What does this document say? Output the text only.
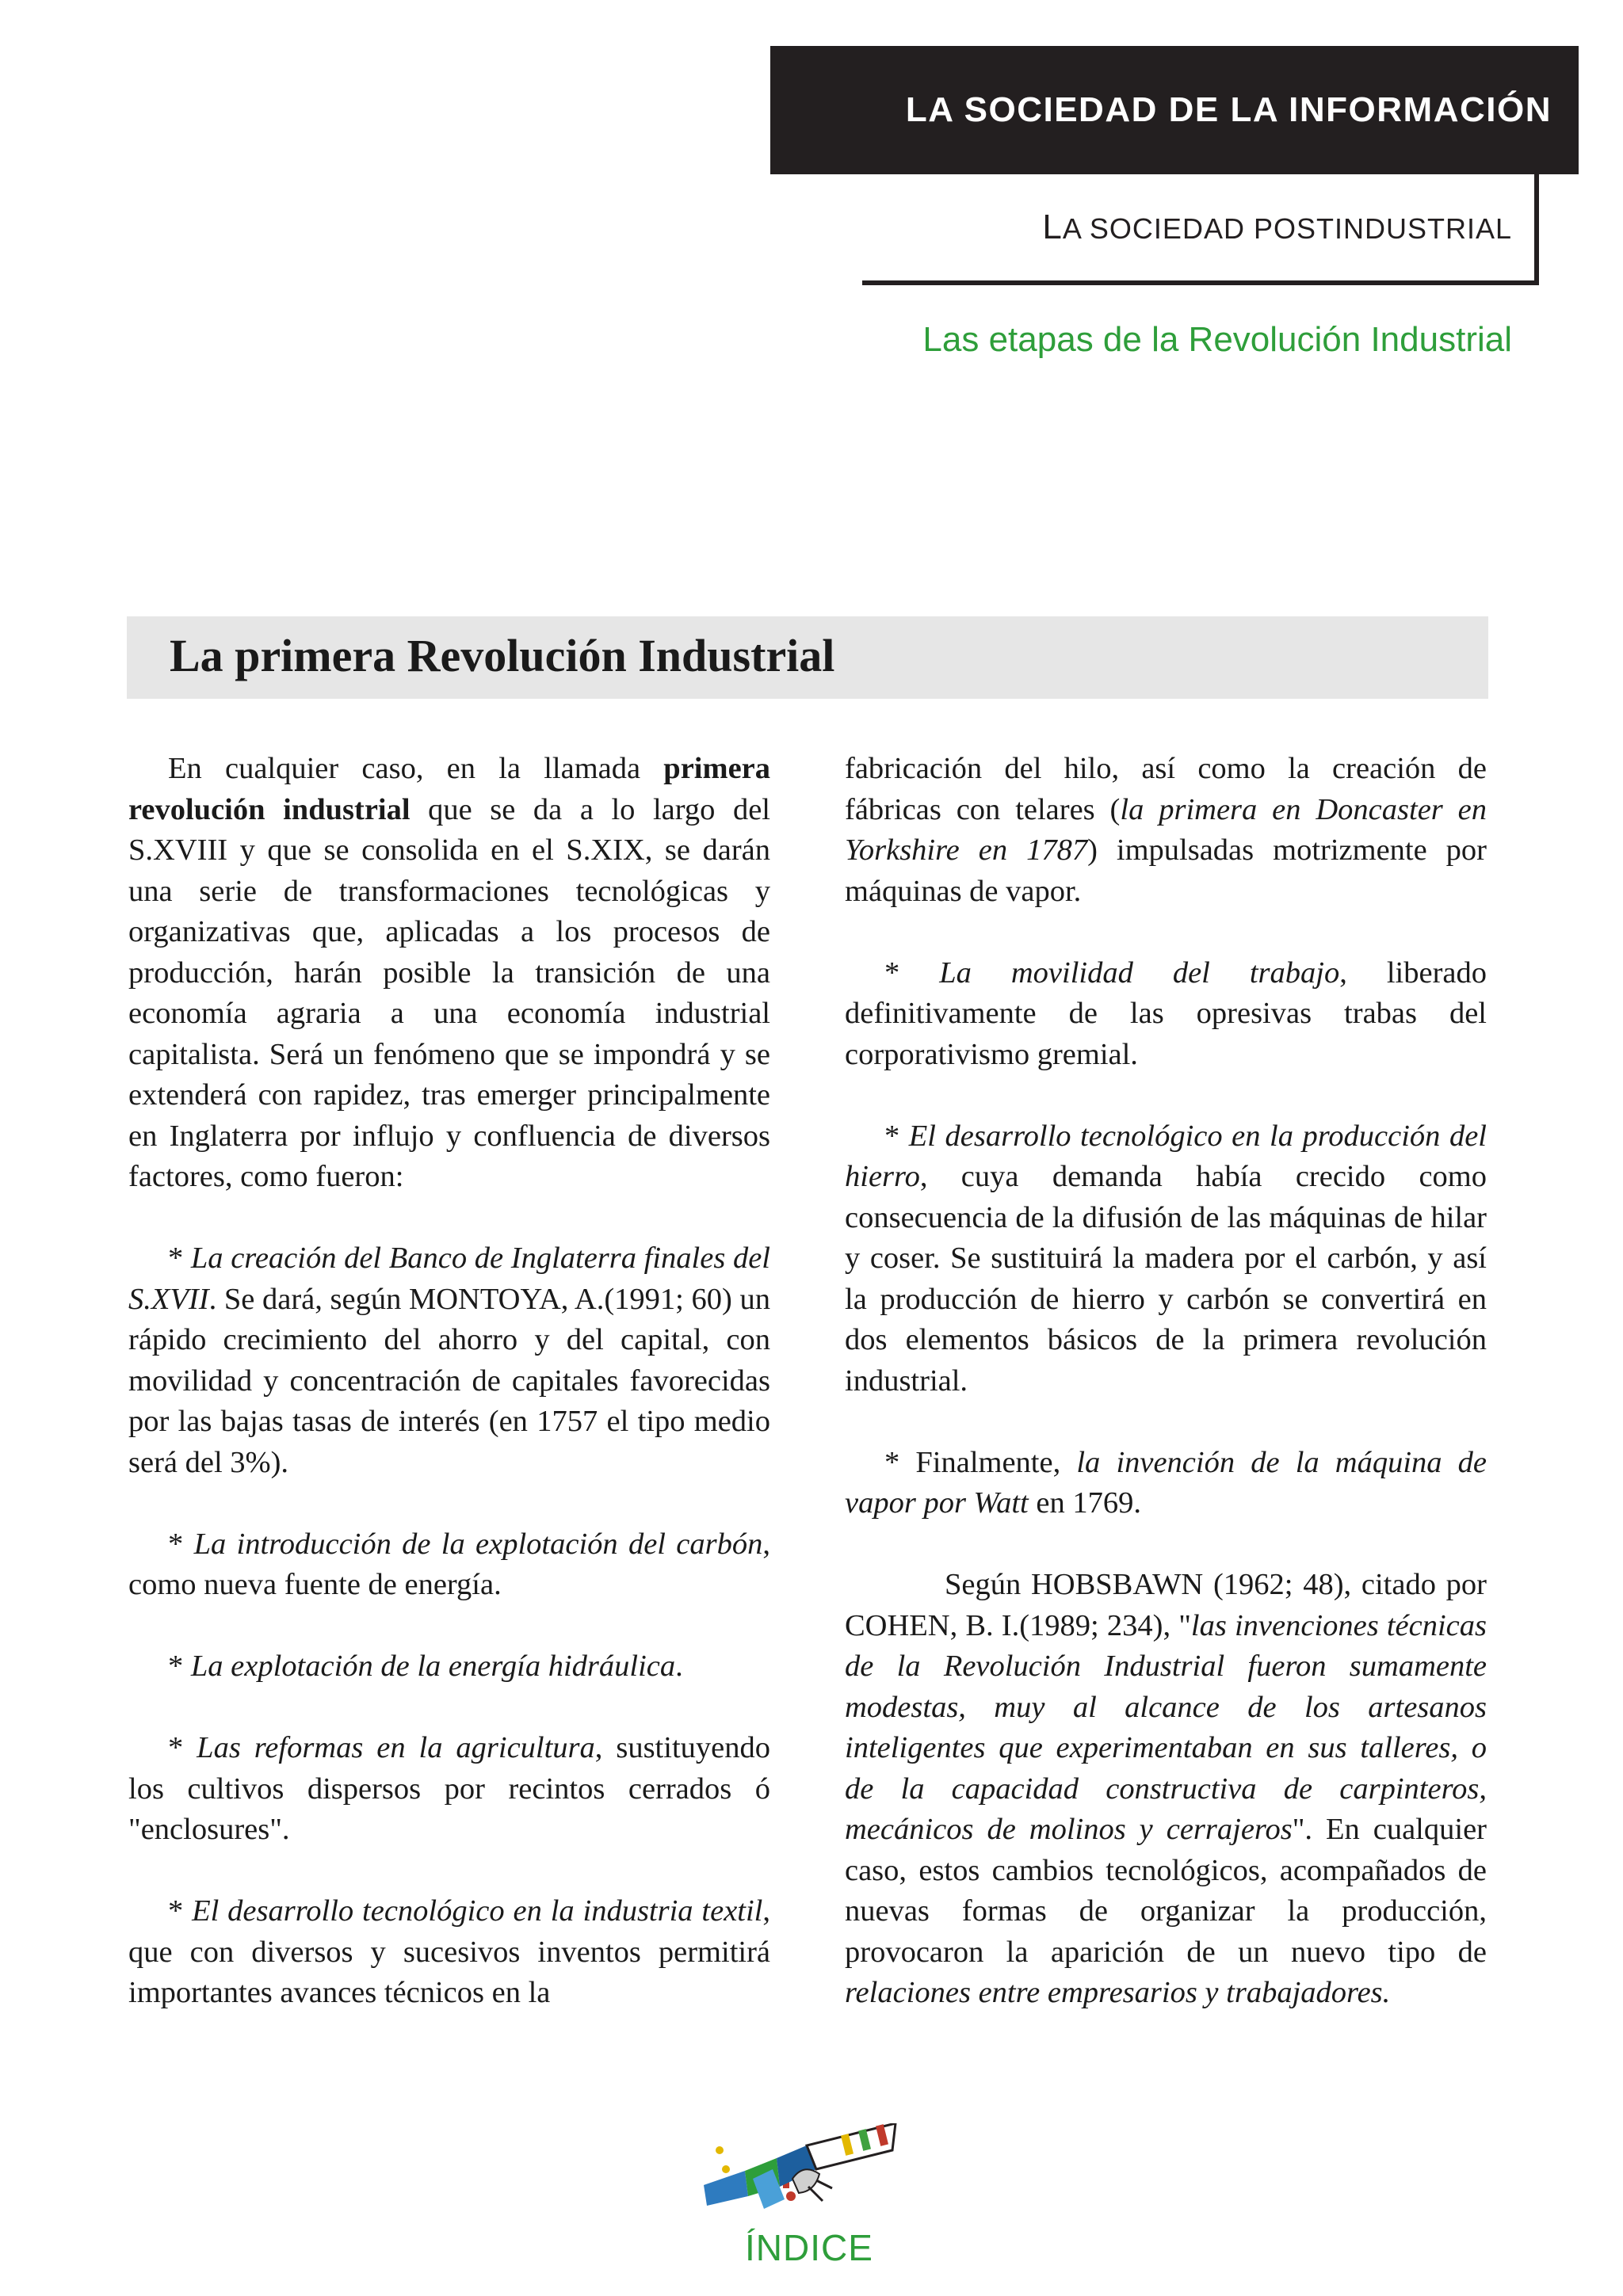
LA SOCIEDAD DE LA INFORMACIÓN
LA SOCIEDAD POSTINDUSTRIAL
Las etapas de la Revolución Industrial
La primera Revolución Industrial

En cualquier caso, en la llamada primera revolución industrial que se da a lo largo del S.XVIII y que se consolida en el S.XIX, se darán una serie de transformaciones tecnológicas y organizativas que, aplicadas a los procesos de producción, harán posible la transición de una economía agraria a una economía industrial capitalista. Será un fenómeno que se impondrá y se extenderá con rapidez, tras emerger principalmente en Inglaterra por influjo y confluencia de diversos factores, como fueron:

* La creación del Banco de Inglaterra finales del S.XVII. Se dará, según MONTOYA, A.(1991; 60) un rápido crecimiento del ahorro y del capital, con movilidad y concentración de capitales favorecidas por las bajas tasas de interés (en 1757 el tipo medio será del 3%).

* La introducción de la explotación del carbón, como nueva fuente de energía.

* La explotación de la energía hidráulica.

* Las reformas en la agricultura, sustituyendo los cultivos dispersos por recintos cerrados ó "enclosures".

* El desarrollo tecnológico en la industria textil, que con diversos y sucesivos inventos permitirá importantes avances técnicos en la

fabricación del hilo, así como la creación de fábricas con telares (la primera en Doncaster en Yorkshire en 1787) impulsadas motrizmente por máquinas de vapor.

* La movilidad del trabajo, liberado definitivamente de las opresivas trabas del corporativismo gremial.

* El desarrollo tecnológico en la producción del hierro, cuya demanda había crecido como consecuencia de la difusión de las máquinas de hilar y coser. Se sustituirá la madera por el carbón, y así la producción de hierro y carbón se convertirá en dos elementos básicos de la primera revolución industrial.

* Finalmente, la invención de la máquina de vapor por Watt en 1769.

Según HOBSBAWN (1962; 48), citado por COHEN, B. I.(1989; 234), "las invenciones técnicas de la Revolución Industrial fueron sumamente modestas, muy al alcance de los artesanos inteligentes que experimentaban en sus talleres, o de la capacidad constructiva de carpinteros, mecánicos de molinos y cerrajeros". En cualquier caso, estos cambios tecnológicos, acompañados de nuevas formas de organizar la producción, provocaron la aparición de un nuevo tipo de relaciones entre empresarios y trabajadores.

ÍNDICE
